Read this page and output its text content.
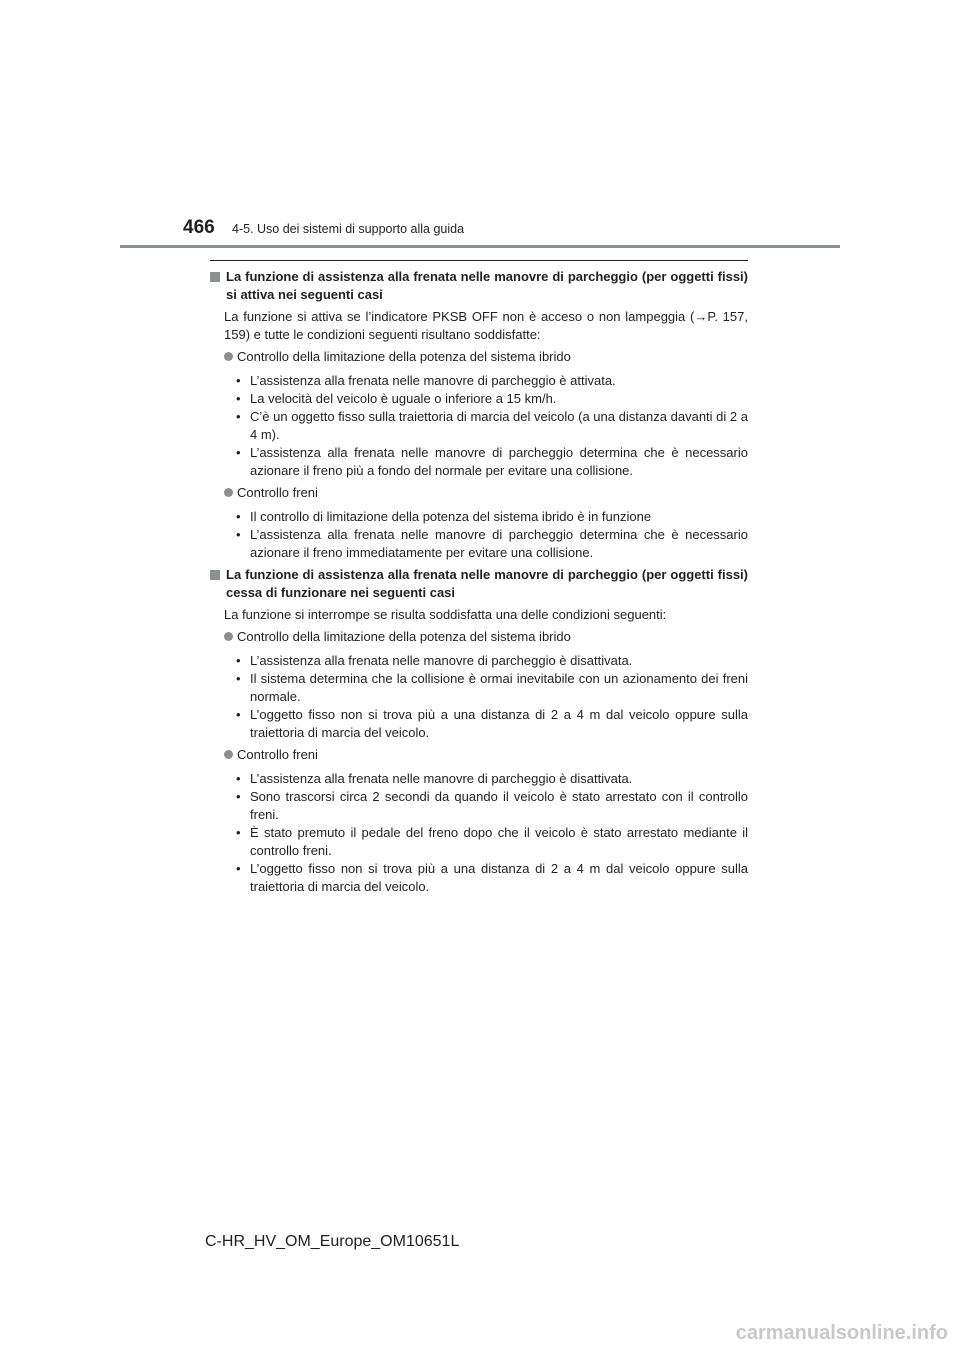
466 4-5. Uso dei sistemi di supporto alla guida
La funzione di assistenza alla frenata nelle manovre di parcheggio (per oggetti fissi) si attiva nei seguenti casi

La funzione si attiva se l’indicatore PKSB OFF non è acceso o non lampeggia (→P. 157, 159) e tutte le condizioni seguenti risultano soddisfatte:

Controllo della limitazione della potenza del sistema ibrido
• L’assistenza alla frenata nelle manovre di parcheggio è attivata.
• La velocità del veicolo è uguale o inferiore a 15 km/h.
• C’è un oggetto fisso sulla traiettoria di marcia del veicolo (a una distanza davanti di 2 a 4 m).
• L’assistenza alla frenata nelle manovre di parcheggio determina che è necessario azionare il freno più a fondo del normale per evitare una collisione.
Controllo freni
• Il controllo di limitazione della potenza del sistema ibrido è in funzione
• L’assistenza alla frenata nelle manovre di parcheggio determina che è necessario azionare il freno immediatamente per evitare una collisione.
La funzione di assistenza alla frenata nelle manovre di parcheggio (per oggetti fissi) cessa di funzionare nei seguenti casi

La funzione si interrompe se risulta soddisfatta una delle condizioni seguenti:

Controllo della limitazione della potenza del sistema ibrido
• L’assistenza alla frenata nelle manovre di parcheggio è disattivata.
• Il sistema determina che la collisione è ormai inevitabile con un azionamento dei freni normale.
• L’oggetto fisso non si trova più a una distanza di 2 a 4 m dal veicolo oppure sulla traiettoria di marcia del veicolo.
Controllo freni
• L’assistenza alla frenata nelle manovre di parcheggio è disattivata.
• Sono trascorsi circa 2 secondi da quando il veicolo è stato arrestato con il controllo freni.
• È stato premuto il pedale del freno dopo che il veicolo è stato arrestato mediante il controllo freni.
• L’oggetto fisso non si trova più a una distanza di 2 a 4 m dal veicolo oppure sulla traiettoria di marcia del veicolo.
C-HR_HV_OM_Europe_OM10651L
carmanualsonline.info
